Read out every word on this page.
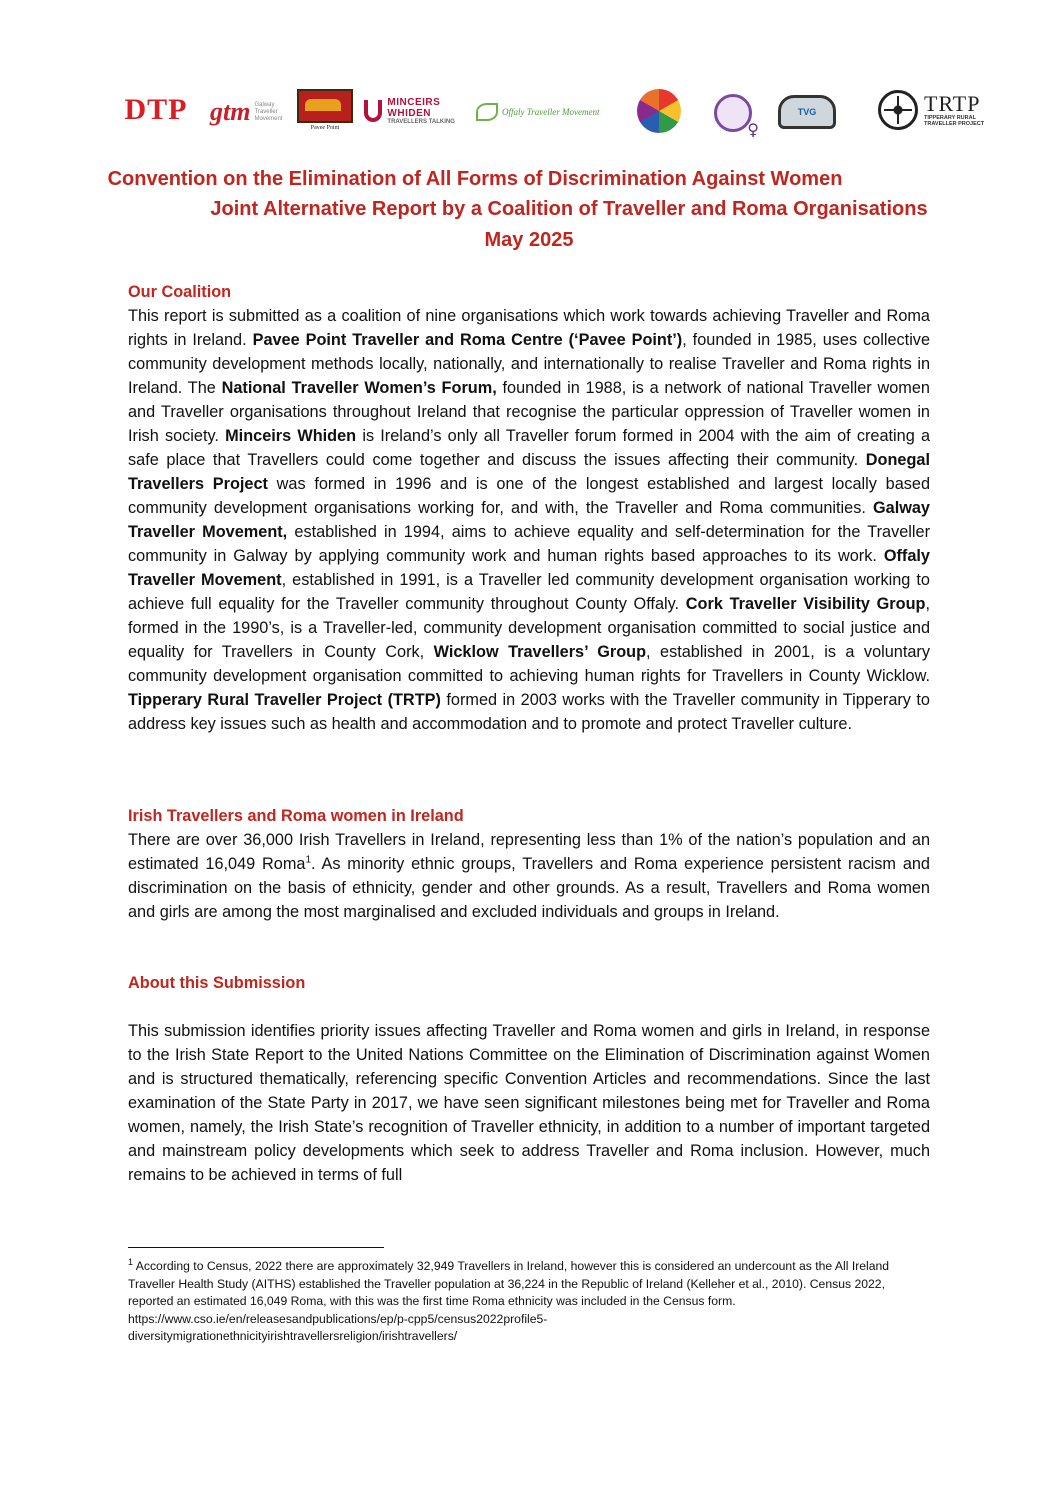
DTP gtm Galway Traveller Movement
Pavee Point
MINCEIRS WHIDEN
TRAVELLERS TALKING
Offaly Traveller Movement
♀	TVG	TRTP
TIPPERARY RURAL TRAVELLER PROJECT
Convention on the Elimination of All Forms of Discrimination Against Women
Joint Alternative Report by a Coalition of Traveller and Roma Organisations
May 2025

Our Coalition

This report is submitted as a coalition of nine organisations which work towards achieving Traveller and Roma rights in Ireland. Pavee Point Traveller and Roma Centre (‘Pavee Point’), founded in 1985, uses collective community development methods locally, nationally, and internationally to realise Traveller and Roma rights in Ireland. The National Traveller Women’s Forum, founded in 1988, is a network of national Traveller women and Traveller organisations throughout Ireland that recognise the particular oppression of Traveller women in Irish society. Minceirs Whiden is Ireland’s only all Traveller forum formed in 2004 with the aim of creating a safe place that Travellers could come together and discuss the issues affecting their community. Donegal Travellers Project was formed in 1996 and is one of the longest established and largest locally based community development organisations working for, and with, the Traveller and Roma communities. Galway Traveller Movement, established in 1994, aims to achieve equality and self-determination for the Traveller community in Galway by applying community work and human rights based approaches to its work. Offaly Traveller Movement, established in 1991, is a Traveller led community development organisation working to achieve full equality for the Traveller community throughout County Offaly. Cork Traveller Visibility Group, formed in the 1990’s, is a Traveller-led, community development organisation committed to social justice and equality for Travellers in County Cork, Wicklow Travellers’ Group, established in 2001, is a voluntary community development organisation committed to achieving human rights for Travellers in County Wicklow. Tipperary Rural Traveller Project (TRTP) formed in 2003 works with the Traveller community in Tipperary to address key issues such as health and accommodation and to promote and protect Traveller culture.

Irish Travellers and Roma women in Ireland

There are over 36,000 Irish Travellers in Ireland, representing less than 1% of the nation’s population and an estimated 16,049 Roma$^1$. As minority ethnic groups, Travellers and Roma experience persistent racism and discrimination on the basis of ethnicity, gender and other grounds. As a result, Travellers and Roma women and girls are among the most marginalised and excluded individuals and groups in Ireland.

About this Submission

This submission identifies priority issues affecting Traveller and Roma women and girls in Ireland, in response to the Irish State Report to the United Nations Committee on the Elimination of Discrimination against Women and is structured thematically, referencing specific Convention Articles and recommendations. Since the last examination of the State Party in 2017, we have seen significant milestones being met for Traveller and Roma women, namely, the Irish State’s recognition of Traveller ethnicity, in addition to a number of important targeted and mainstream policy developments which seek to address Traveller and Roma inclusion. However, much remains to be achieved in terms of full

$^1$ According to Census, 2022 there are approximately 32,949 Travellers in Ireland, however this is considered an undercount as the All Ireland Traveller Health Study (AITHS) established the Traveller population at 36,224 in the Republic of Ireland (Kelleher et al., 2010). Census 2022, reported an estimated 16,049 Roma, with this was the first time Roma ethnicity was included in the Census form.
https://www.cso.ie/en/releasesandpublications/ep/p-cpp5/census2022profile5-
diversitymigrationethnicityirishtravellersreligion/irishtravellers/
